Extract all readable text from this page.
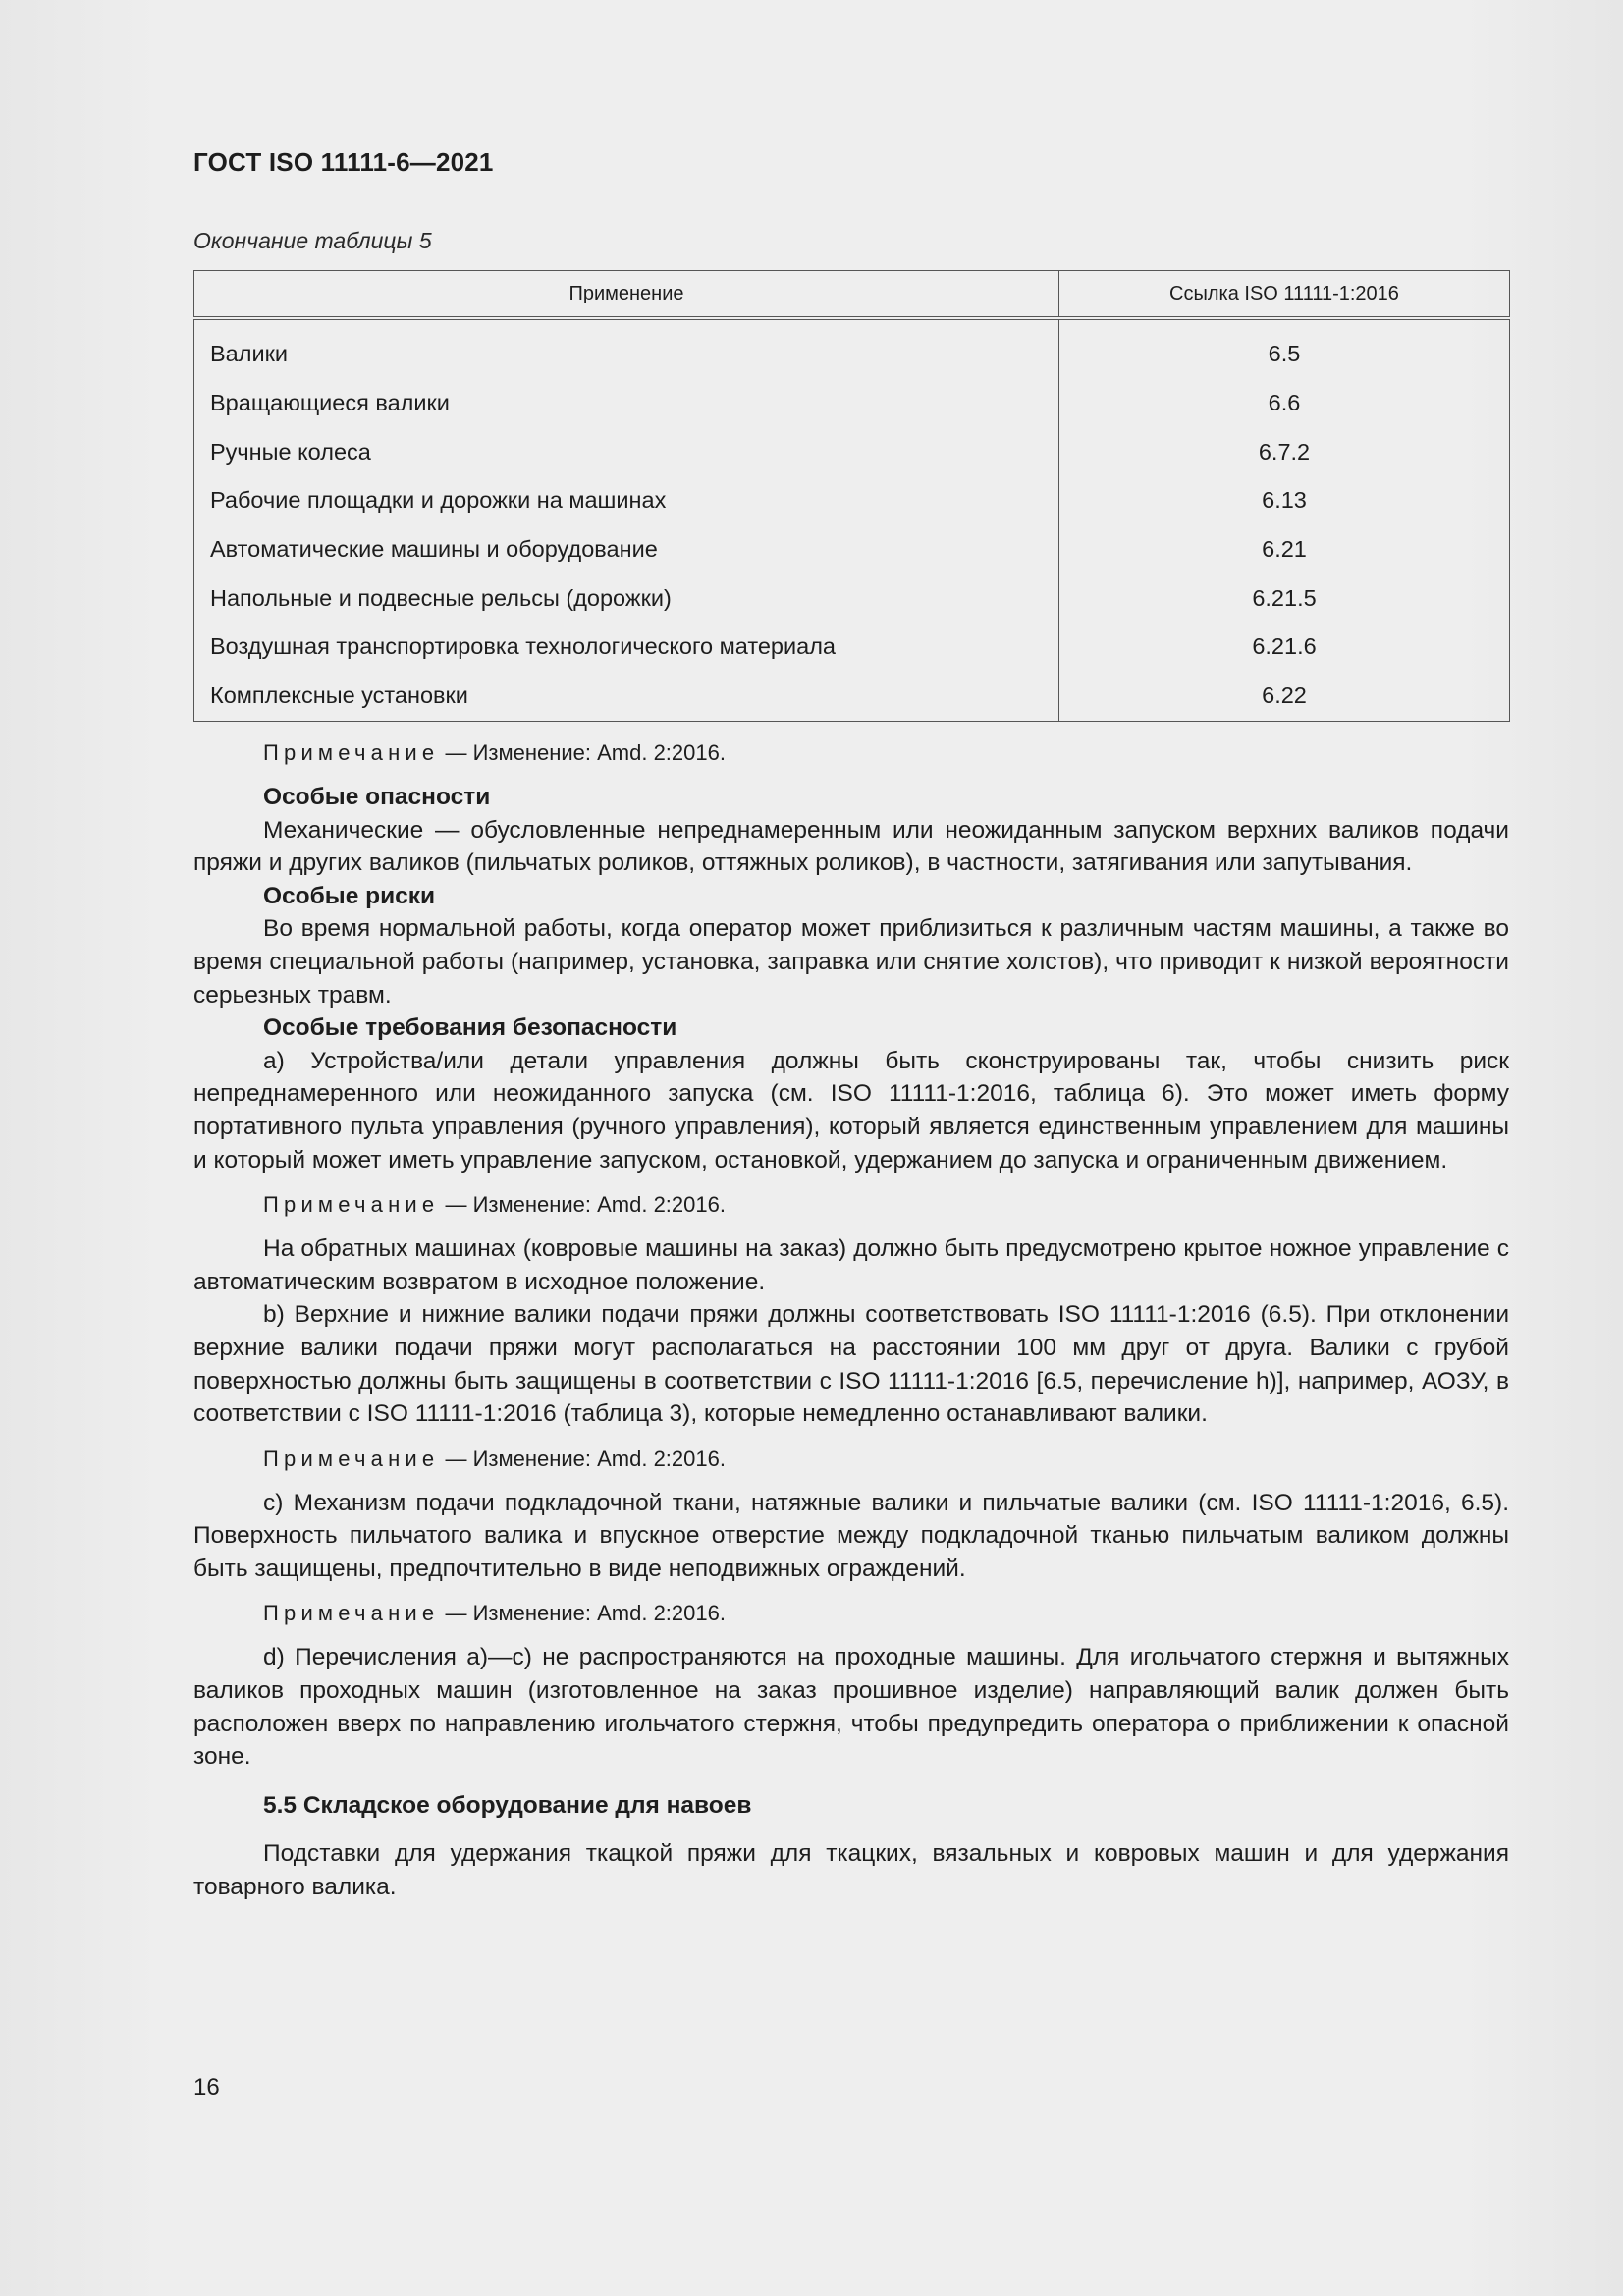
ГОСТ ISO 11111-6—2021
Окончание таблицы 5
Применение	Ссылка ISO 11111-1:2016
Валики	6.5
Вращающиеся валики	6.6
Ручные колеса	6.7.2
Рабочие площадки и дорожки на машинах	6.13
Автоматические машины и оборудование	6.21
Напольные и подвесные рельсы (дорожки)	6.21.5
Воздушная транспортировка технологического материала	6.21.6
Комплексные установки	6.22

Примечание — Изменение: Amd. 2:2016.

Особые опасности

Механические — обусловленные непреднамеренным или неожиданным запуском верхних валиков подачи пряжи и других валиков (пильчатых роликов, оттяжных роликов), в частности, затягивания или запутывания.

Особые риски

Во время нормальной работы, когда оператор может приблизиться к различным частям машины, а также во время специальной работы (например, установка, заправка или снятие холстов), что приводит к низкой вероятности серьезных травм.

Особые требования безопасности

a) Устройства/или детали управления должны быть сконструированы так, чтобы снизить риск непреднамеренного или неожиданного запуска (см. ISO 11111-1:2016, таблица 6). Это может иметь форму портативного пульта управления (ручного управления), который является единственным управлением для машины и который может иметь управление запуском, остановкой, удержанием до запуска и ограниченным движением.

Примечание — Изменение: Amd. 2:2016.

На обратных машинах (ковровые машины на заказ) должно быть предусмотрено крытое ножное управление с автоматическим возвратом в исходное положение.

b) Верхние и нижние валики подачи пряжи должны соответствовать ISO 11111-1:2016 (6.5). При отклонении верхние валики подачи пряжи могут располагаться на расстоянии 100 мм друг от друга. Валики с грубой поверхностью должны быть защищены в соответствии с ISO 11111-1:2016 [6.5, перечисление h)], например, АОЗУ, в соответствии с ISO 11111-1:2016 (таблица 3), которые немедленно останавливают валики.

Примечание — Изменение: Amd. 2:2016.

c) Механизм подачи подкладочной ткани, натяжные валики и пильчатые валики (см. ISO 11111-1:2016, 6.5). Поверхность пильчатого валика и впускное отверстие между подкладочной тканью пильчатым валиком должны быть защищены, предпочтительно в виде неподвижных ограждений.

Примечание — Изменение: Amd. 2:2016.

d) Перечисления a)—c) не распространяются на проходные машины. Для игольчатого стержня и вытяжных валиков проходных машин (изготовленное на заказ прошивное изделие) направляющий валик должен быть расположен вверх по направлению игольчатого стержня, чтобы предупредить оператора о приближении к опасной зоне.

5.5 Складское оборудование для навоев

Подставки для удержания ткацкой пряжи для ткацких, вязальных и ковровых машин и для удержания товарного валика.

16
